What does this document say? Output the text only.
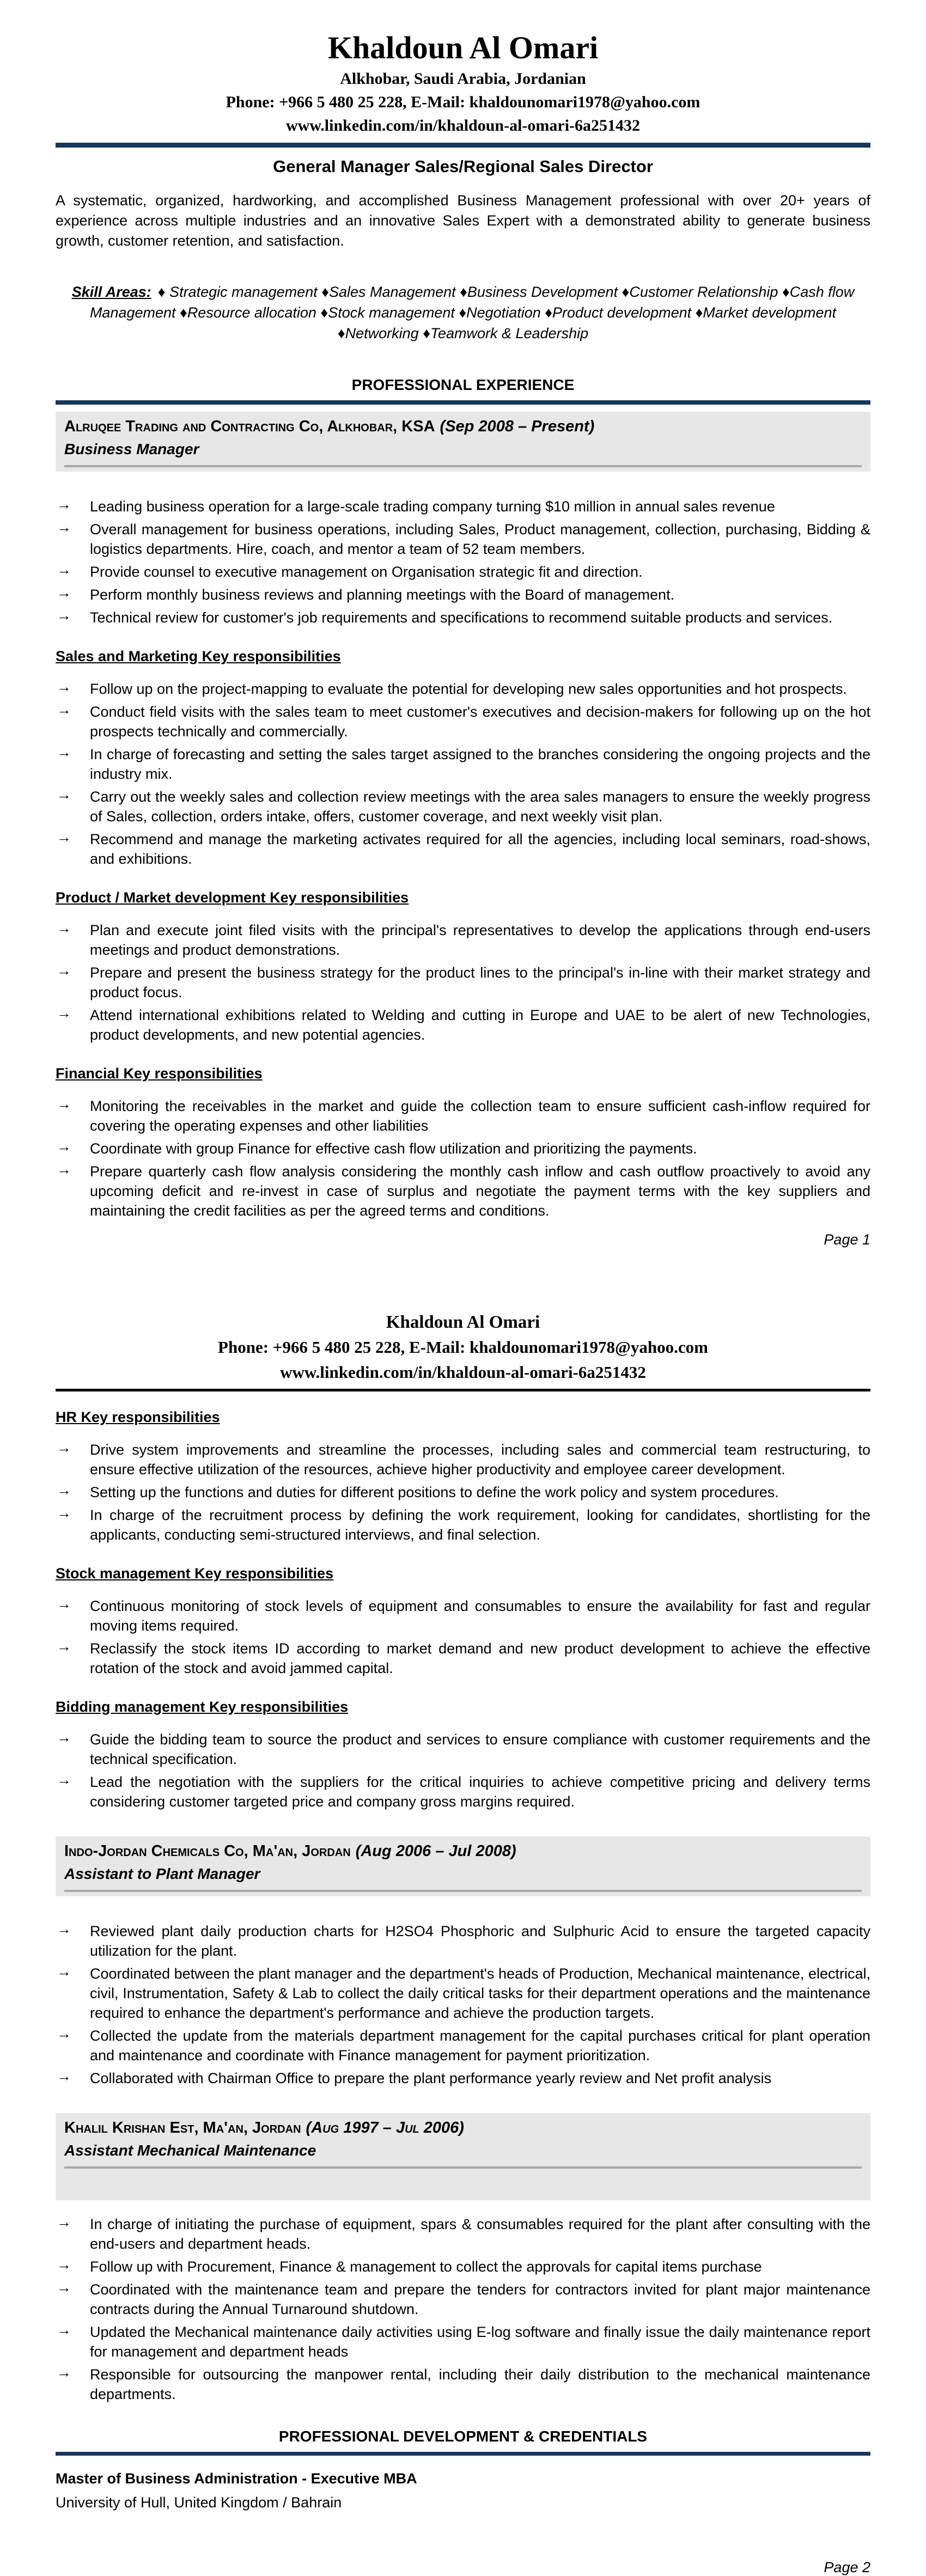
Khaldoun Al Omari

Alkhobar, Saudi Arabia, Jordanian

Phone: +966 5 480 25 228, E-Mail: khaldounomari1978@yahoo.com

www.linkedin.com/in/khaldoun-al-omari-6a251432

General Manager Sales/Regional Sales Director

A systematic, organized, hardworking, and accomplished Business Management professional with over 20+ years of experience across multiple industries and an innovative Sales Expert with a demonstrated ability to generate business growth, customer retention, and satisfaction.

Skill Areas: ♦ Strategic management ♦Sales Management ♦Business Development ♦Customer Relationship ♦Cash flow Management ♦Resource allocation ♦Stock management ♦Negotiation ♦Product development ♦Market development ♦Networking ♦Teamwork & Leadership

PROFESSIONAL EXPERIENCE
Alruqee Trading and Contracting Co, Alkhobar, KSA (Sep 2008 – Present)
Business Manager
→ Leading business operation for a large-scale trading company turning $10 million in annual sales revenue
→ Overall management for business operations, including Sales, Product management, collection, purchasing, Bidding & logistics departments. Hire, coach, and mentor a team of 52 team members.
→ Provide counsel to executive management on Organisation strategic fit and direction.
→ Perform monthly business reviews and planning meetings with the Board of management.
→ Technical review for customer's job requirements and specifications to recommend suitable products and services.
Sales and Marketing Key responsibilities
→ Follow up on the project-mapping to evaluate the potential for developing new sales opportunities and hot prospects.
→ Conduct field visits with the sales team to meet customer's executives and decision-makers for following up on the hot prospects technically and commercially.
→ In charge of forecasting and setting the sales target assigned to the branches considering the ongoing projects and the industry mix.
→ Carry out the weekly sales and collection review meetings with the area sales managers to ensure the weekly progress of Sales, collection, orders intake, offers, customer coverage, and next weekly visit plan.
→ Recommend and manage the marketing activates required for all the agencies, including local seminars, road-shows, and exhibitions.
Product / Market development Key responsibilities
→ Plan and execute joint filed visits with the principal's representatives to develop the applications through end-users meetings and product demonstrations.
→ Prepare and present the business strategy for the product lines to the principal's in-line with their market strategy and product focus.
→ Attend international exhibitions related to Welding and cutting in Europe and UAE to be alert of new Technologies, product developments, and new potential agencies.
Financial Key responsibilities
→ Monitoring the receivables in the market and guide the collection team to ensure sufficient cash-inflow required for covering the operating expenses and other liabilities
→ Coordinate with group Finance for effective cash flow utilization and prioritizing the payments.
→ Prepare quarterly cash flow analysis considering the monthly cash inflow and cash outflow proactively to avoid any upcoming deficit and re-invest in case of surplus and negotiate the payment terms with the key suppliers and maintaining the credit facilities as per the agreed terms and conditions.
Page 1

Khaldoun Al Omari

Phone: +966 5 480 25 228, E-Mail: khaldounomari1978@yahoo.com

www.linkedin.com/in/khaldoun-al-omari-6a251432

HR Key responsibilities
→ Drive system improvements and streamline the processes, including sales and commercial team restructuring, to ensure effective utilization of the resources, achieve higher productivity and employee career development.
→ Setting up the functions and duties for different positions to define the work policy and system procedures.
→ In charge of the recruitment process by defining the work requirement, looking for candidates, shortlisting for the applicants, conducting semi-structured interviews, and final selection.
Stock management Key responsibilities
→ Continuous monitoring of stock levels of equipment and consumables to ensure the availability for fast and regular moving items required.
→ Reclassify the stock items ID according to market demand and new product development to achieve the effective rotation of the stock and avoid jammed capital.
Bidding management Key responsibilities
→ Guide the bidding team to source the product and services to ensure compliance with customer requirements and the technical specification.
→ Lead the negotiation with the suppliers for the critical inquiries to achieve competitive pricing and delivery terms considering customer targeted price and company gross margins required.
Indo-Jordan Chemicals Co, Ma'an, Jordan (Aug 2006 – Jul 2008)
Assistant to Plant Manager
→ Reviewed plant daily production charts for H2SO4 Phosphoric and Sulphuric Acid to ensure the targeted capacity utilization for the plant.
→ Coordinated between the plant manager and the department's heads of Production, Mechanical maintenance, electrical, civil, Instrumentation, Safety & Lab to collect the daily critical tasks for their department operations and the maintenance required to enhance the department's performance and achieve the production targets.
→ Collected the update from the materials department management for the capital purchases critical for plant operation and maintenance and coordinate with Finance management for payment prioritization.
→ Collaborated with Chairman Office to prepare the plant performance yearly review and Net profit analysis
Khalil Krishan Est, Ma'an, Jordan (Aug 1997 – Jul 2006)
Assistant Mechanical Maintenance
→ In charge of initiating the purchase of equipment, spars & consumables required for the plant after consulting with the end-users and department heads.
→ Follow up with Procurement, Finance & management to collect the approvals for capital items purchase
→ Coordinated with the maintenance team and prepare the tenders for contractors invited for plant major maintenance contracts during the Annual Turnaround shutdown.
→ Updated the Mechanical maintenance daily activities using E-log software and finally issue the daily maintenance report for management and department heads
→ Responsible for outsourcing the manpower rental, including their daily distribution to the mechanical maintenance departments.
PROFESSIONAL DEVELOPMENT & CREDENTIALS
Master of Business Administration - Executive MBA
University of Hull, United Kingdom / Bahrain
Page 2
